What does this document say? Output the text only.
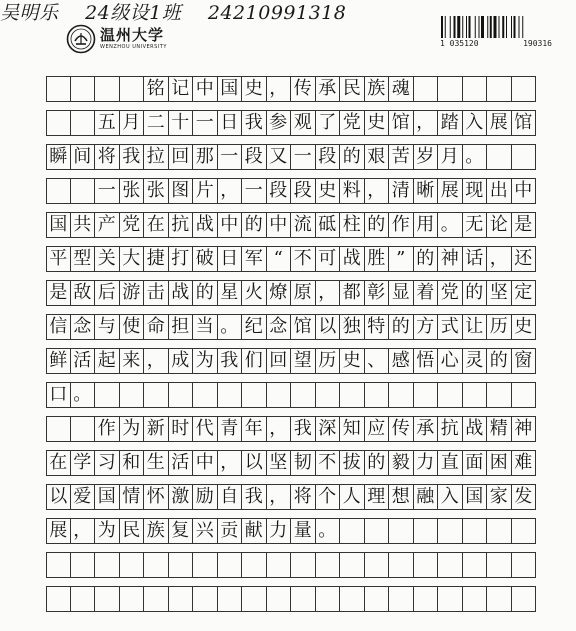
吴明乐 24级设1班 24210991318
温州大学
WENZHOU UNIVERSITY	1 035120	190316
铭 记 中 国 史 ， 传 承 民 族 魂
五 月 二 十 一 日 我 参 观 了 党 史 馆 ， 踏 入 展 馆
瞬 间 将 我 拉 回 那 一 段 又 一 段 的 艰 苦 岁 月 。
一 张 张 图 片 ， 一 段 段 史 料 ， 清 晰 展 现 出 中
国 共 产 党 在 抗 战 中 的 中 流 砥 柱 的 作 用 。 无 论 是
平 型 关 大 捷 打 破 日 军 “ 不 可 战 胜 ” 的 神 话 ， 还
是 敌 后 游 击 战 的 星 火 燎 原 ， 都 彰 显 着 党 的 坚 定
信 念 与 使 命 担 当 。 纪 念 馆 以 独 特 的 方 式 让 历 史
鲜 活 起 来 ， 成 为 我 们 回 望 历 史 、 感 悟 心 灵 的 窗
口 。
作 为 新 时 代 青 年 ， 我 深 知 应 传 承 抗 战 精 神
在 学 习 和 生 活 中 ， 以 坚 韧 不 拔 的 毅 力 直 面 困 难
以 爱 国 情 怀 激 励 自 我 ， 将 个 人 理 想 融 入 国 家 发
展 ， 为 民 族 复 兴 贡 献 力 量 。
